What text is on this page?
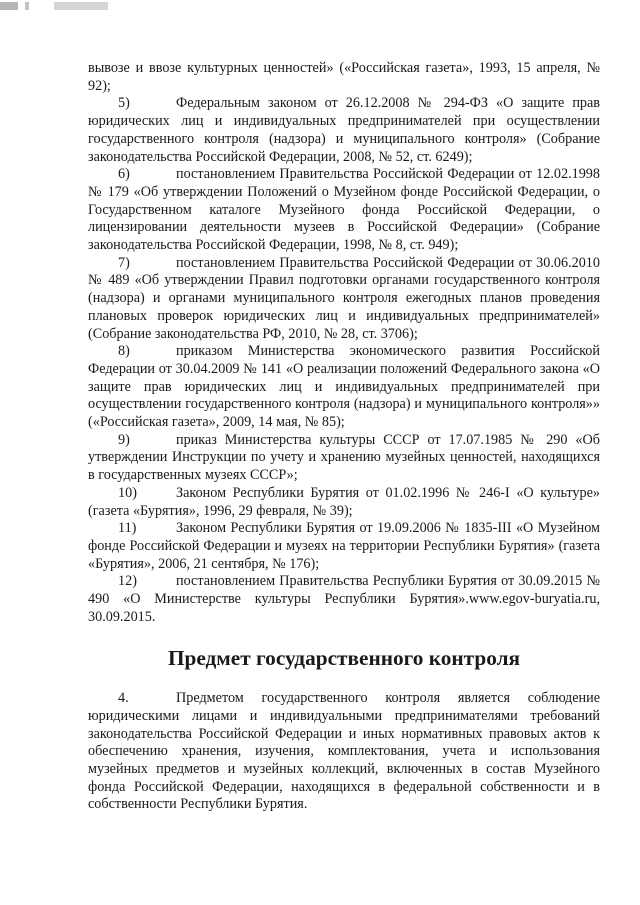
вывозе и ввозе культурных ценностей» («Российская газета», 1993, 15 апреля, № 92);

5)	Федеральным законом от 26.12.2008 № 294-ФЗ «О защите прав юридических лиц и индивидуальных предпринимателей при осуществлении государственного контроля (надзора) и муниципального контроля» (Собрание законодательства Российской Федерации, 2008, № 52, ст. 6249);

6)	постановлением Правительства Российской Федерации от 12.02.1998 № 179 «Об утверждении Положений о Музейном фонде Российской Федерации, о Государственном каталоге Музейного фонда Российской Федерации, о лицензировании деятельности музеев в Российской Федерации» (Собрание законодательства Российской Федерации, 1998, № 8, ст. 949);

7)	постановлением Правительства Российской Федерации от 30.06.2010 № 489 «Об утверждении Правил подготовки органами государственного контроля (надзора) и органами муниципального контроля ежегодных планов проведения плановых проверок юридических лиц и индивидуальных предпринимателей» (Собрание законодательства РФ, 2010, № 28, ст. 3706);

8)	приказом Министерства экономического развития Российской Федерации от 30.04.2009 № 141 «О реализации положений Федерального закона «О защите прав юридических лиц и индивидуальных предпринимателей при осуществлении государственного контроля (надзора) и муниципального контроля»» («Российская газета», 2009, 14 мая, № 85);

9)	приказ Министерства культуры СССР от 17.07.1985 № 290 «Об утверждении Инструкции по учету и хранению музейных ценностей, находящихся в государственных музеях СССР»;

10)	Законом Республики Бурятия от 01.02.1996 № 246-I «О культуре» (газета «Бурятия», 1996, 29 февраля, № 39);

11)	Законом Республики Бурятия от 19.09.2006 № 1835-III «О Музейном фонде Российской Федерации и музеях на территории Республики Бурятия» (газета «Бурятия», 2006, 21 сентября, № 176);

12)	постановлением Правительства Республики Бурятия от 30.09.2015 № 490 «О Министерстве культуры Республики Бурятия».www.egov-buryatia.ru, 30.09.2015.

Предмет государственного контроля

4.	Предметом государственного контроля является соблюдение юридическими лицами и индивидуальными предпринимателями требований законодательства Российской Федерации и иных нормативных правовых актов к обеспечению хранения, изучения, комплектования, учета и использования музейных предметов и музейных коллекций, включенных в состав Музейного фонда Российской Федерации, находящихся в федеральной собственности и в собственности Республики Бурятия.
